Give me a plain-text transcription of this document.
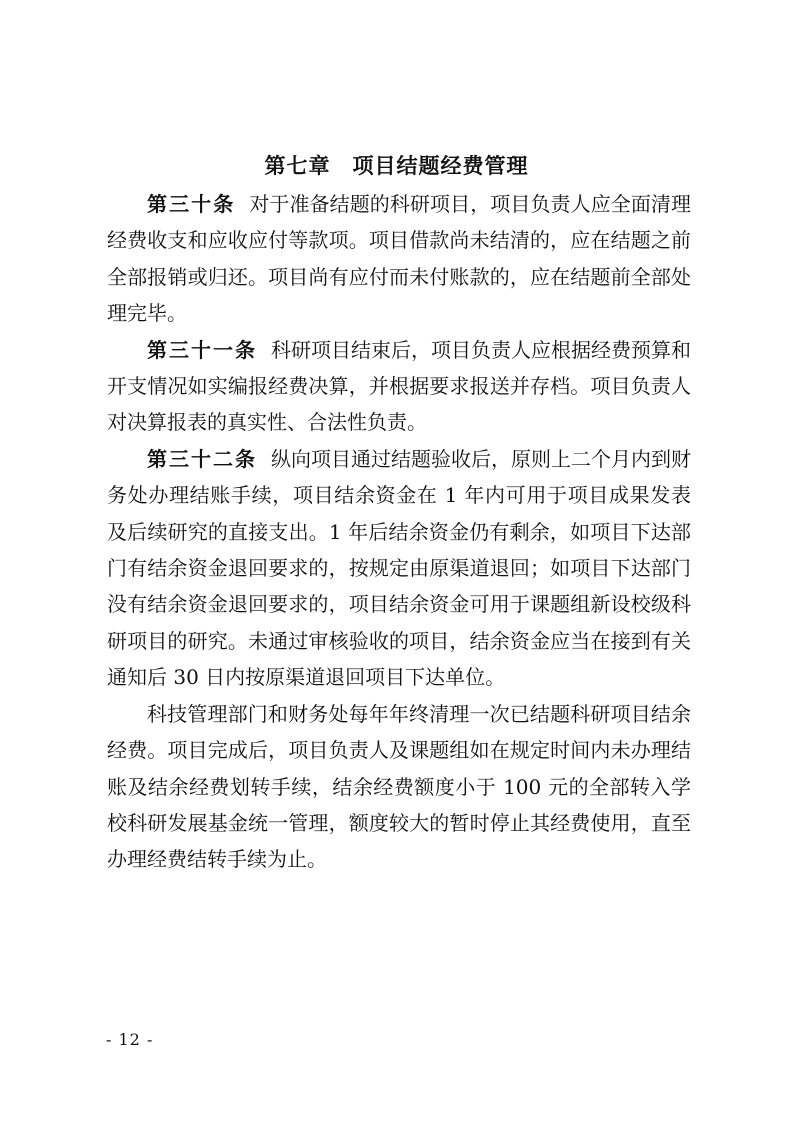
第七章　项目结题经费管理

第三十条 对于准备结题的科研项目，项目负责人应全面清理经费收支和应收应付等款项。项目借款尚未结清的，应在结题之前全部报销或归还。项目尚有应付而未付账款的，应在结题前全部处理完毕。

第三十一条 科研项目结束后，项目负责人应根据经费预算和开支情况如实编报经费决算，并根据要求报送并存档。项目负责人对决算报表的真实性、合法性负责。

第三十二条 纵向项目通过结题验收后，原则上二个月内到财务处办理结账手续，项目结余资金在 1 年内可用于项目成果发表及后续研究的直接支出。1 年后结余资金仍有剩余，如项目下达部门有结余资金退回要求的，按规定由原渠道退回；如项目下达部门没有结余资金退回要求的，项目结余资金可用于课题组新设校级科研项目的研究。未通过审核验收的项目，结余资金应当在接到有关通知后 30 日内按原渠道退回项目下达单位。

科技管理部门和财务处每年年终清理一次已结题科研项目结余经费。项目完成后，项目负责人及课题组如在规定时间内未办理结账及结余经费划转手续，结余经费额度小于 100 元的全部转入学校科研发展基金统一管理，额度较大的暂时停止其经费使用，直至办理经费结转手续为止。

- 12 -
